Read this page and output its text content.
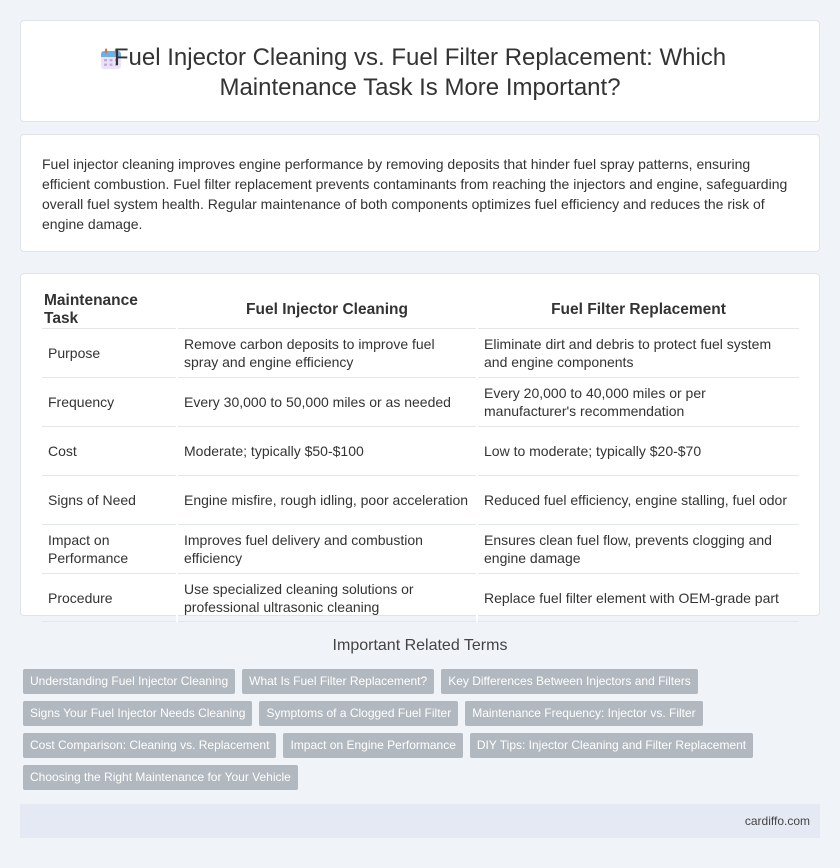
Fuel Injector Cleaning vs. Fuel Filter Replacement: Which Maintenance Task Is More Important?

Fuel injector cleaning improves engine performance by removing deposits that hinder fuel spray patterns, ensuring efficient combustion. Fuel filter replacement prevents contaminants from reaching the injectors and engine, safeguarding overall fuel system health. Regular maintenance of both components optimizes fuel efficiency and reduces the risk of engine damage.

Maintenance Task	Fuel Injector Cleaning	Fuel Filter Replacement
Purpose	Remove carbon deposits to improve fuel spray and engine efficiency	Eliminate dirt and debris to protect fuel system and engine components
Frequency	Every 30,000 to 50,000 miles or as needed	Every 20,000 to 40,000 miles or per manufacturer's recommendation
Cost	Moderate; typically $50-$100	Low to moderate; typically $20-$70
Signs of Need	Engine misfire, rough idling, poor acceleration	Reduced fuel efficiency, engine stalling, fuel odor
Impact on Performance	Improves fuel delivery and combustion efficiency	Ensures clean fuel flow, prevents clogging and engine damage
Procedure	Use specialized cleaning solutions or professional ultrasonic cleaning	Replace fuel filter element with OEM-grade part
Important Related Terms
Understanding Fuel Injector Cleaning	What Is Fuel Filter Replacement?	Key Differences Between Injectors and Filters
Signs Your Fuel Injector Needs Cleaning	Symptoms of a Clogged Fuel Filter	Maintenance Frequency: Injector vs. Filter
Cost Comparison: Cleaning vs. Replacement	Impact on Engine Performance	DIY Tips: Injector Cleaning and Filter Replacement
Choosing the Right Maintenance for Your Vehicle
cardiffo.com
